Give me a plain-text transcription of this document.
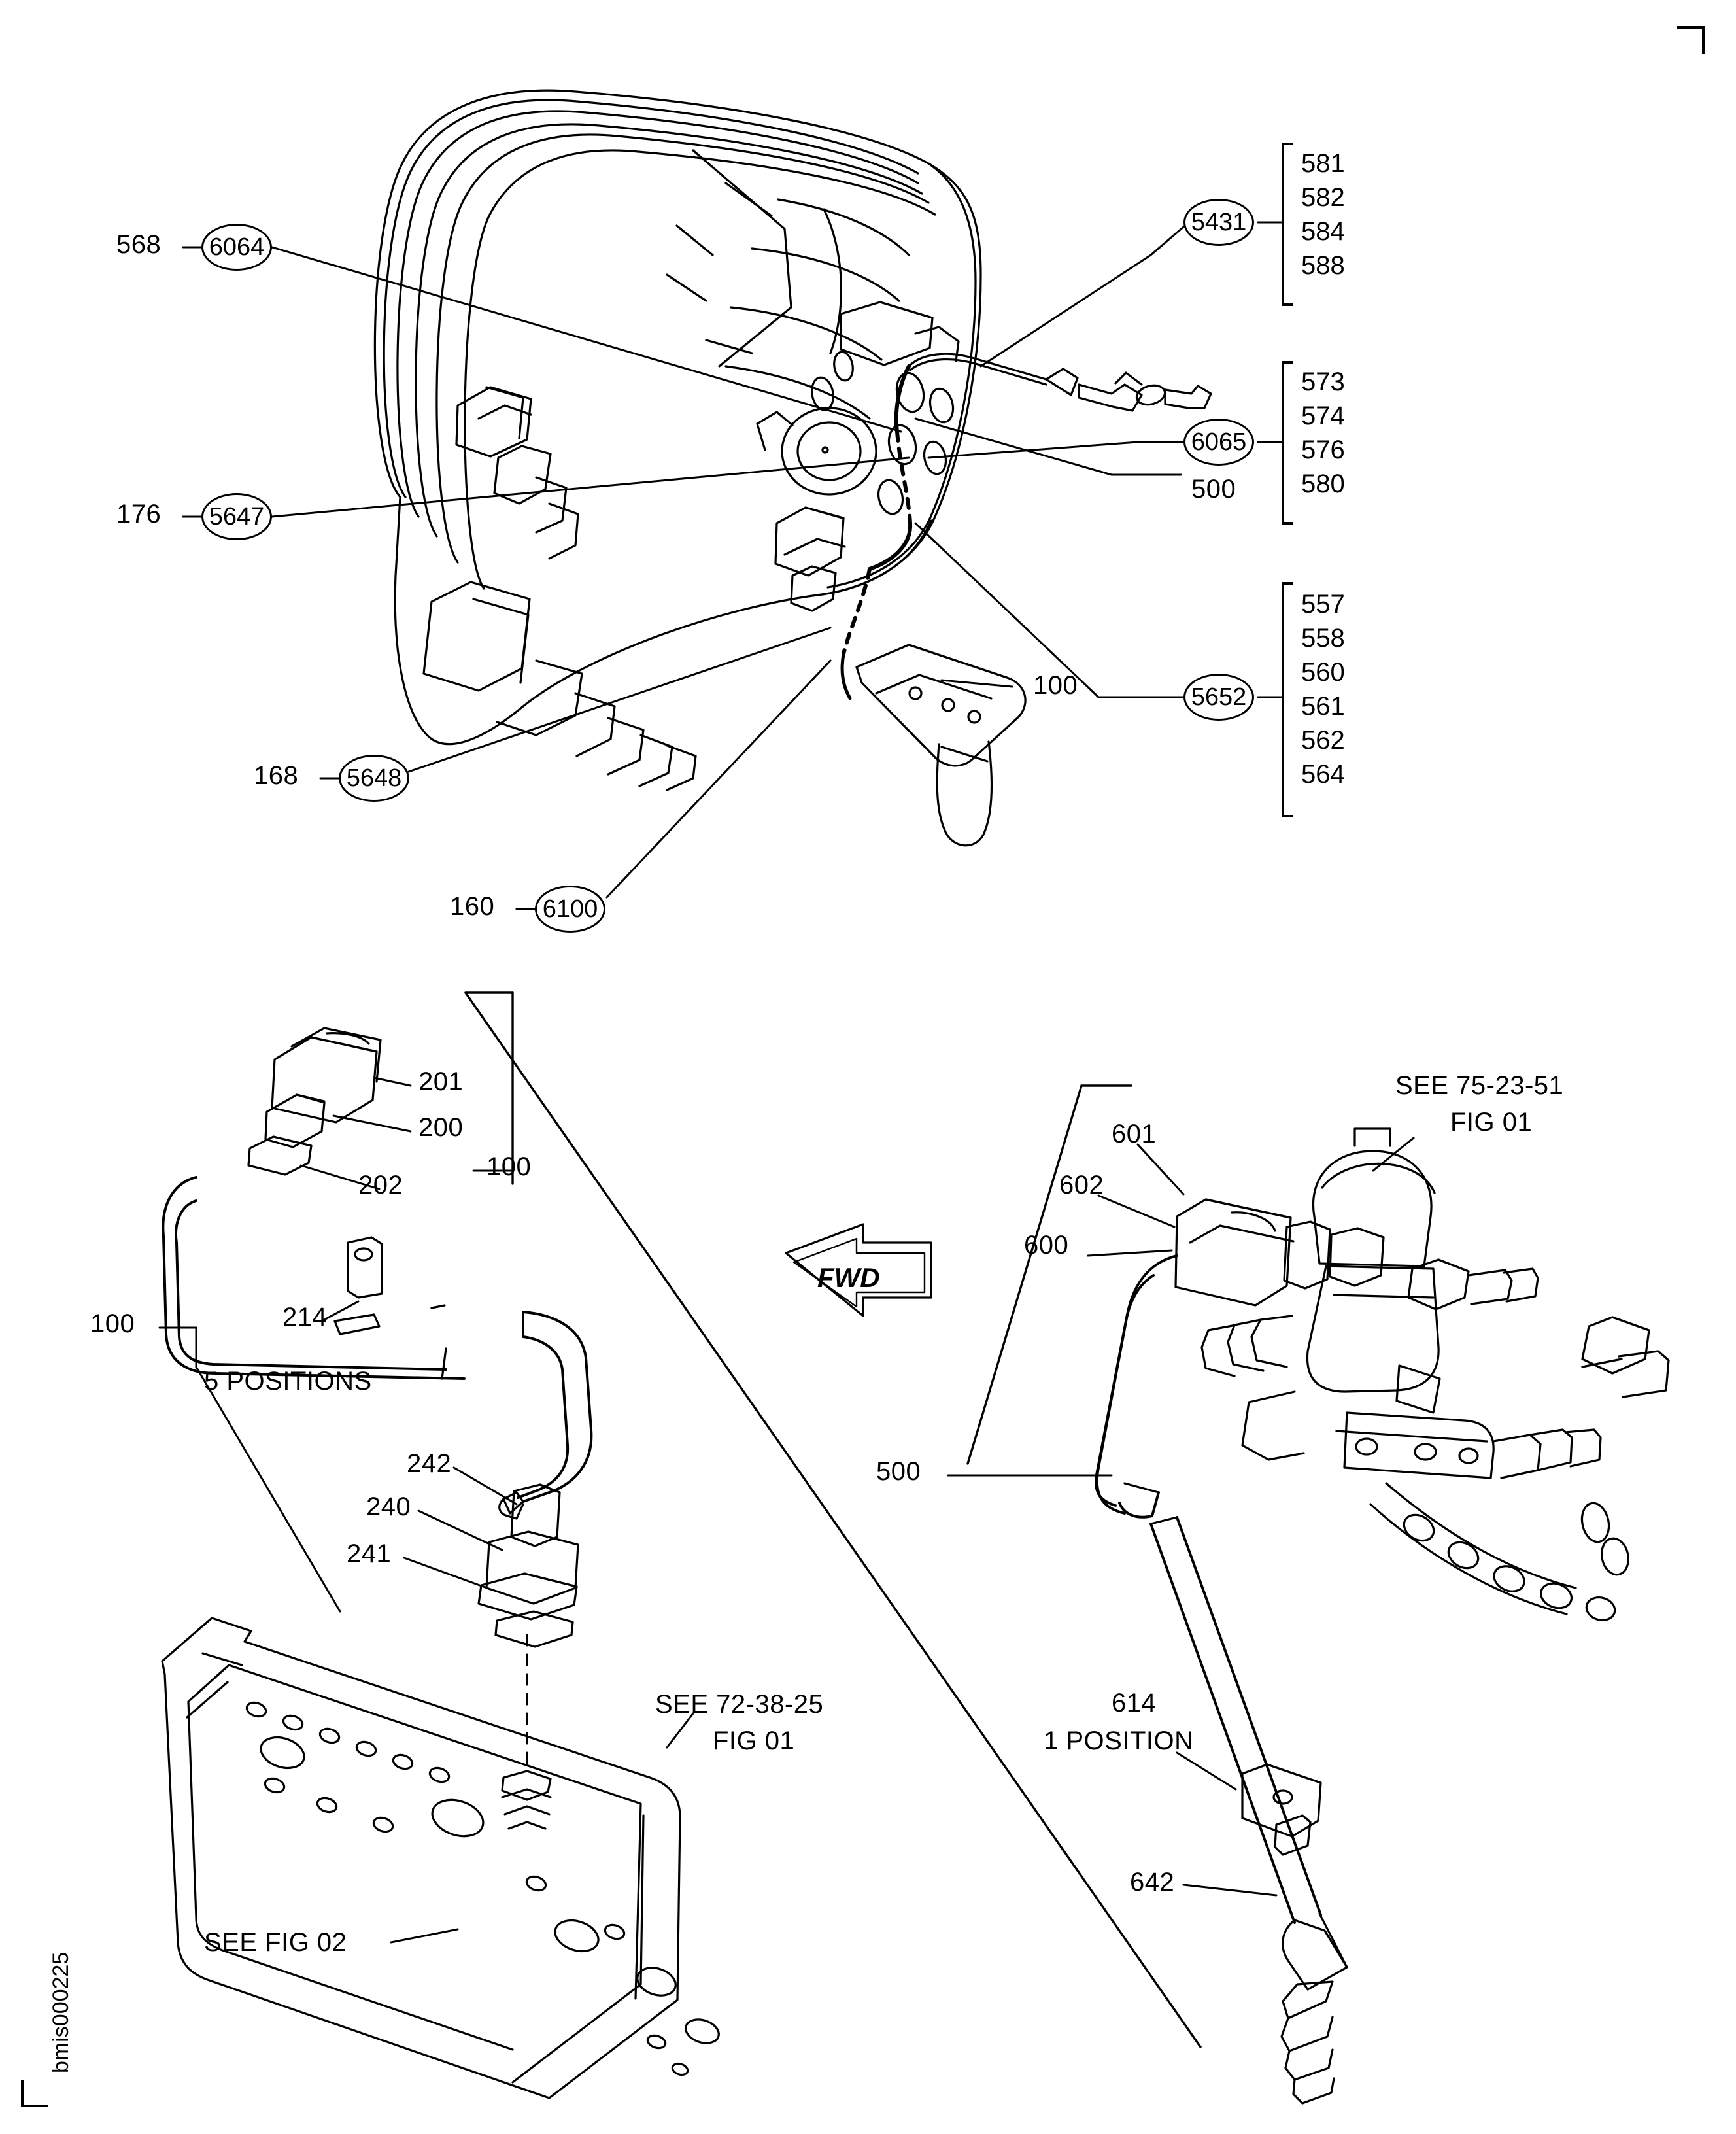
568 6064
176 5647
168 5648
160 6100
5431
6065
5652
500
100
581
582
584
588
573
574
576
580
557
558
560
561
562
564
201
200
202
100
100	214
5 POSITIONS
242
240
241
SEE 72-38-25
FIG 01
SEE FIG 02
FWD
601
602
600
SEE 75-23-51
FIG 01
500
614
1 POSITION
642
bmis000225
